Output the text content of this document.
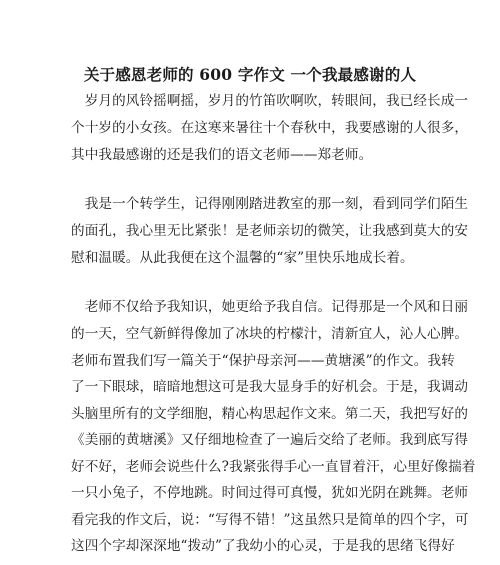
关于感恩老师的 600 字作文 一个我最感谢的人
　岁月的风铃摇啊摇，岁月的竹笛吹啊吹，转眼间，我已经长成一
个十岁的小女孩。在这寒来暑往十个春秋中，我要感谢的人很多，
其中我最感谢的还是我们的语文老师——郑老师。
　我是一个转学生，记得刚刚踏进教室的那一刻，看到同学们陌生
的面孔，我心里无比紧张！是老师亲切的微笑，让我感到莫大的安
慰和温暖。从此我便在这个温馨的“家”里快乐地成长着。
　老师不仅给予我知识，她更给予我自信。记得那是一个风和日丽
的一天，空气新鲜得像加了冰块的柠檬汁，清新宜人，沁人心脾。
老师布置我们写一篇关于“保护母亲河——黄塘溪”的作文。我转
了一下眼球，暗暗地想这可是我大显身手的好机会。于是，我调动
头脑里所有的文学细胞，精心构思起作文来。第二天，我把写好的
《美丽的黄塘溪》又仔细地检查了一遍后交给了老师。我到底写得
好不好，老师会说些什么?我紧张得手心一直冒着汗，心里好像揣着
一只小兔子，不停地跳。时间过得可真慢，犹如光阴在跳舞。老师
看完我的作文后，说：“写得不错！”这虽然只是简单的四个字，可
这四个字却深深地“拨动”了我幼小的心灵，于是我的思绪飞得好
